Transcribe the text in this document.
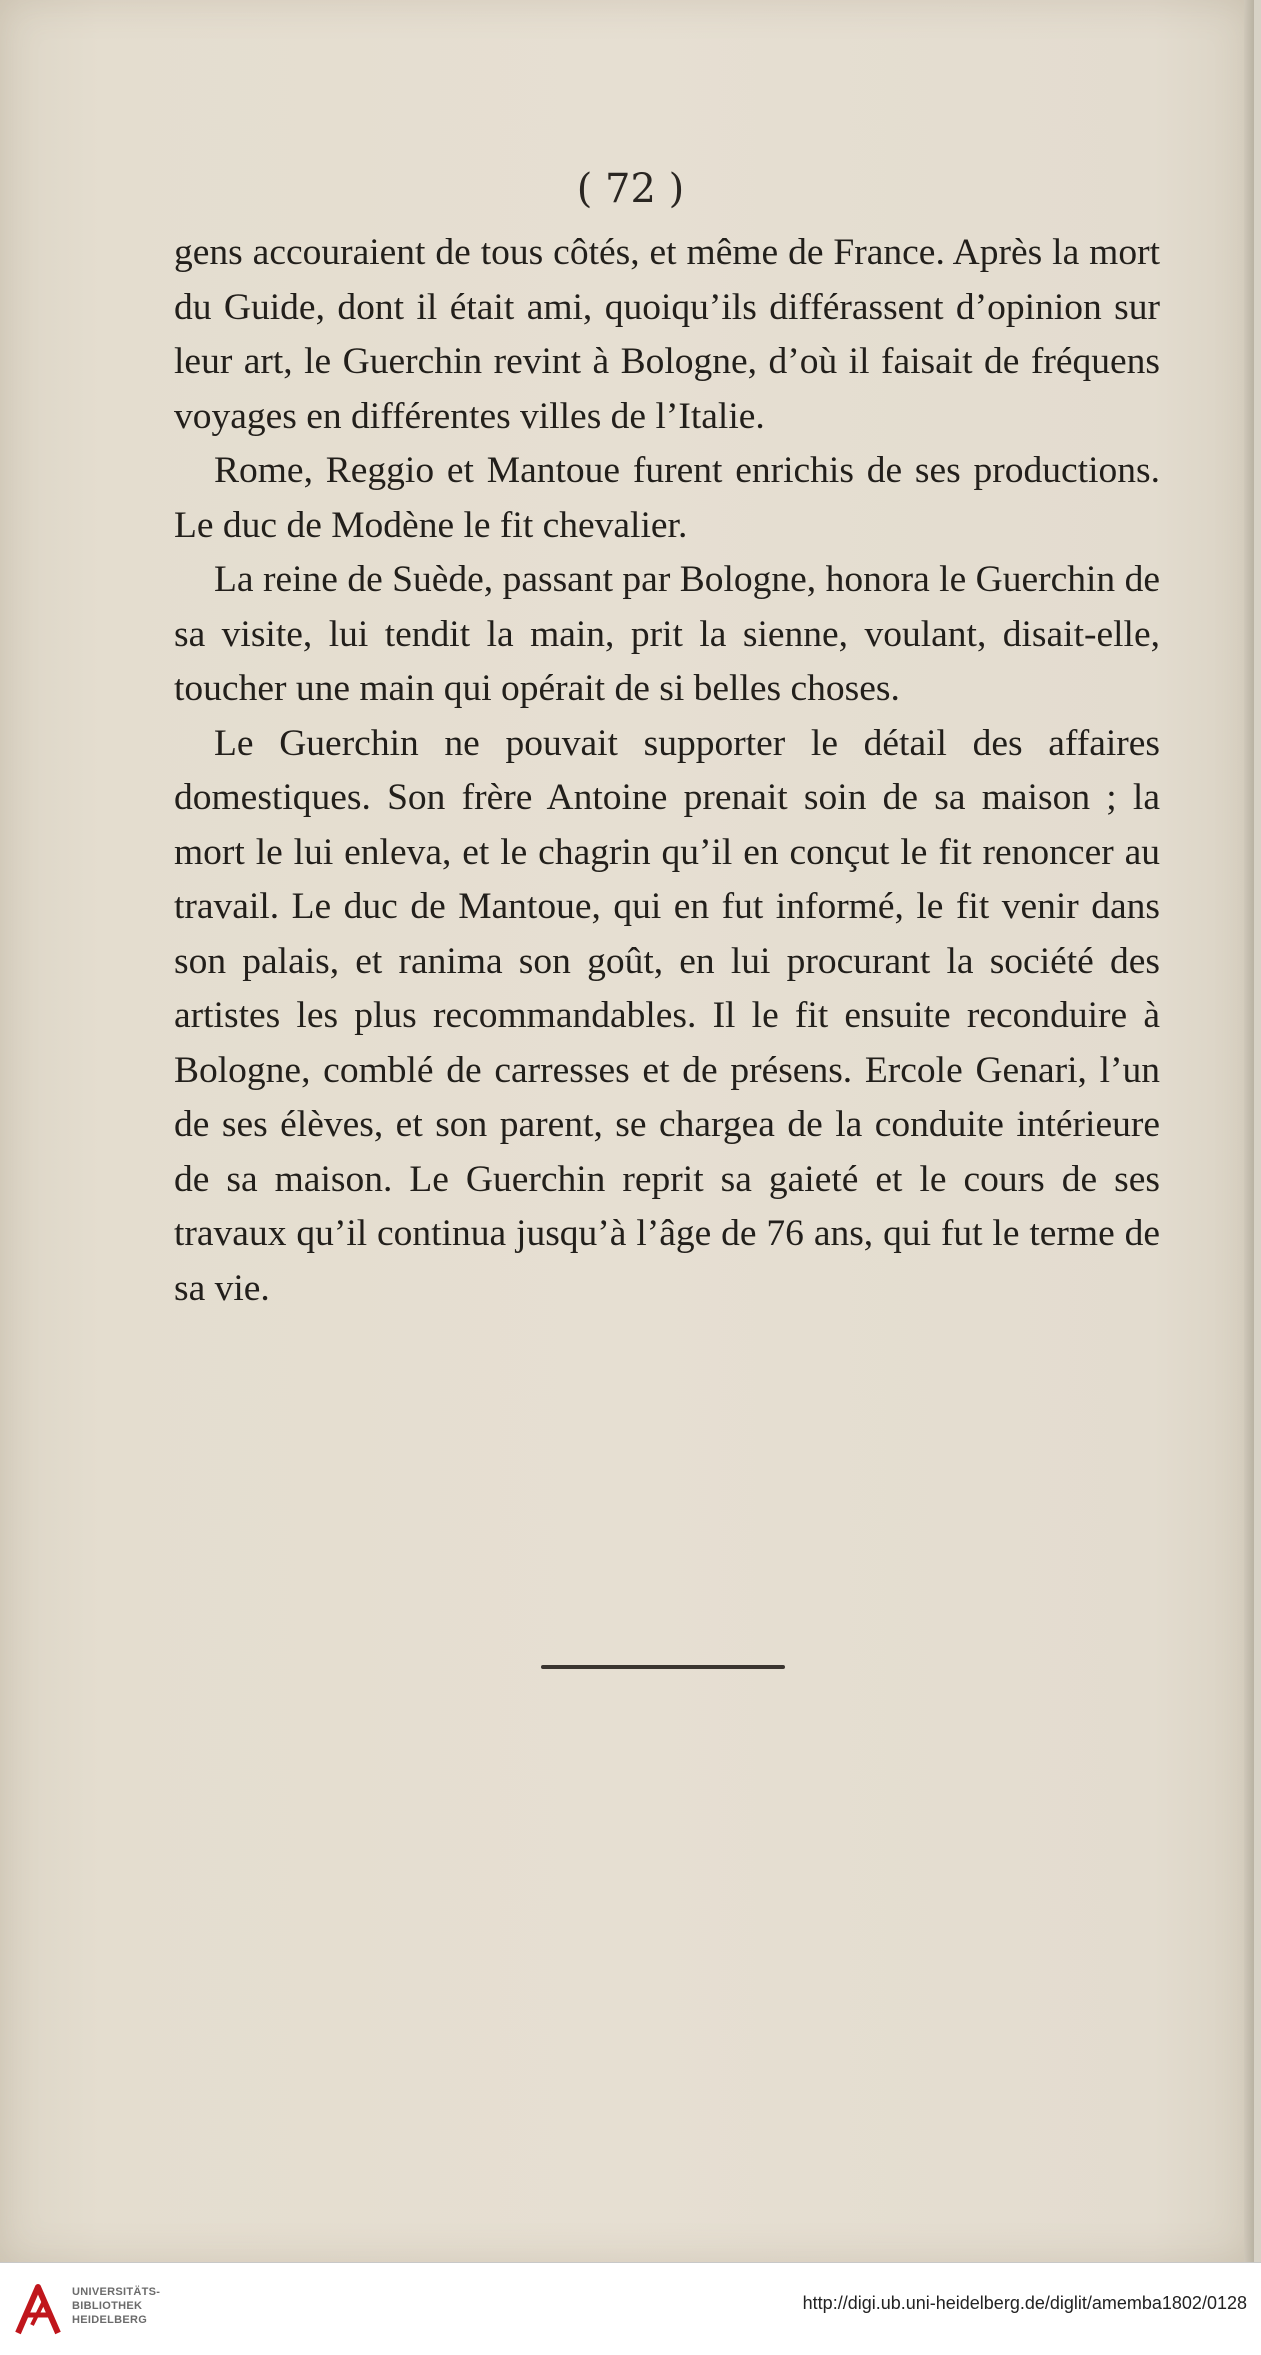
( 72 )

gens accouraient de tous côtés, et même de France. Après la mort du Guide, dont il était ami, quoiqu’ils différassent d’opinion sur leur art, le Guerchin revint à Bologne, d’où il faisait de fréquens voyages en différentes villes de l’Italie.

Rome, Reggio et Mantoue furent enrichis de ses productions. Le duc de Modène le fit chevalier.

La reine de Suède, passant par Bologne, honora le Guerchin de sa visite, lui tendit la main, prit la sienne, voulant, disait-elle, toucher une main qui opérait de si belles choses.

Le Guerchin ne pouvait supporter le détail des affaires domestiques. Son frère Antoine prenait soin de sa maison ; la mort le lui enleva, et le chagrin qu’il en conçut le fit renoncer au travail. Le duc de Mantoue, qui en fut informé, le fit venir dans son palais, et ranima son goût, en lui procurant la société des artistes les plus recommandables. Il le fit ensuite reconduire à Bologne, comblé de carresses et de présens. Ercole Genari, l’un de ses élèves, et son parent, se chargea de la conduite intérieure de sa maison. Le Guerchin reprit sa gaieté et le cours de ses travaux qu’il continua jusqu’à l’âge de 76 ans, qui fut le terme de sa vie.

UNIVERSITÄTS-
BIBLIOTHEK
HEIDELBERG
http://digi.ub.uni-heidelberg.de/diglit/amemba1802/0128
